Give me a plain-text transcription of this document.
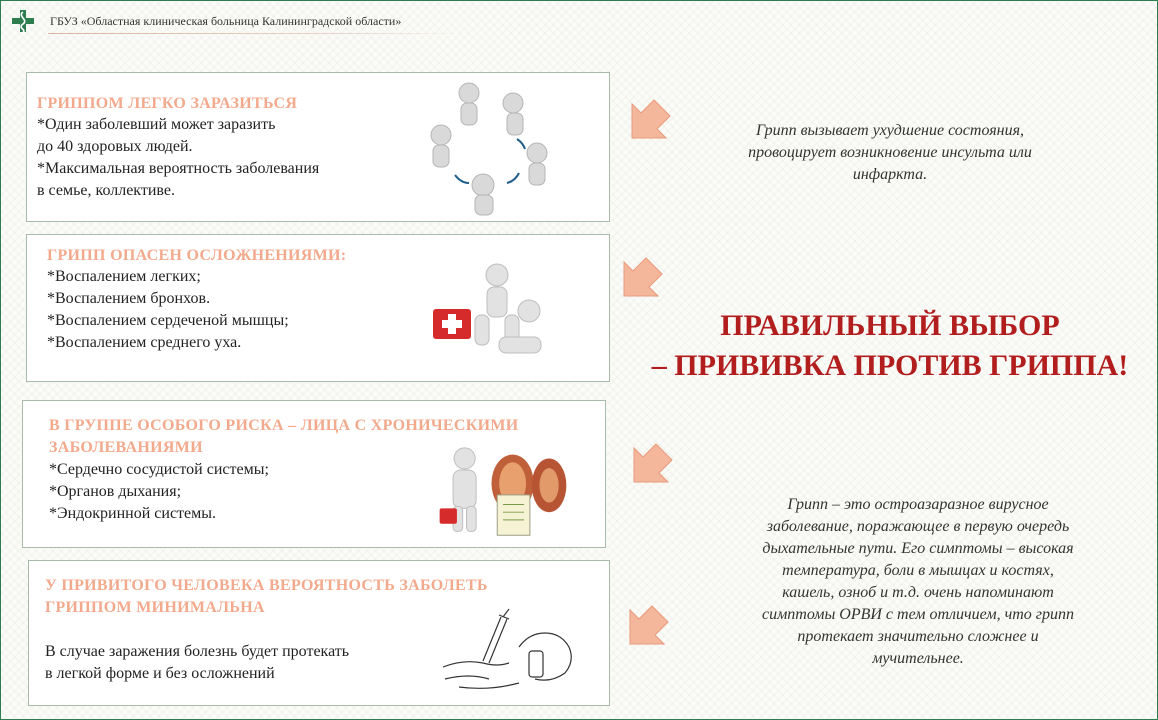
ГБУЗ «Областная клиническая больница Калининградской области»
ГРИППОМ ЛЕГКО ЗАРАЗИТЬСЯ
*Один заболевший может заразить
до 40 здоровых людей.
*Максимальная вероятность заболевания
в семье, коллективе.
ГРИПП ОПАСЕН ОСЛОЖНЕНИЯМИ:
*Воспалением легких;
*Воспалением бронхов.
*Воспалением сердеченой мышцы;
*Воспалением среднего уха.
В ГРУППЕ ОСОБОГО РИСКА – ЛИЦА С ХРОНИЧЕСКИМИ
ЗАБОЛЕВАНИЯМИ
*Сердечно сосудистой системы;
*Органов дыхания;
*Эндокринной системы.
У ПРИВИТОГО ЧЕЛОВЕКА ВЕРОЯТНОСТЬ ЗАБОЛЕТЬ
ГРИППОМ МИНИМАЛЬНА
В случае заражения болезнь будет протекать
в легкой форме и без осложнений
Грипп вызывает ухудшение состояния,
провоцирует возникновение инсульта или
инфаркта.
ПРАВИЛЬНЫЙ ВЫБОР
– ПРИВИВКА ПРОТИВ ГРИППА!
Грипп – это остроазаразное вирусное
заболевание, поражающее в первую очередь
дыхательные пути. Его симптомы – высокая
температура, боли в мышцах и костях,
кашель, озноб и т.д. очень напоминают
симптомы ОРВИ с тем отличием, что грипп
протекает значительно сложнее и
мучительнее.
